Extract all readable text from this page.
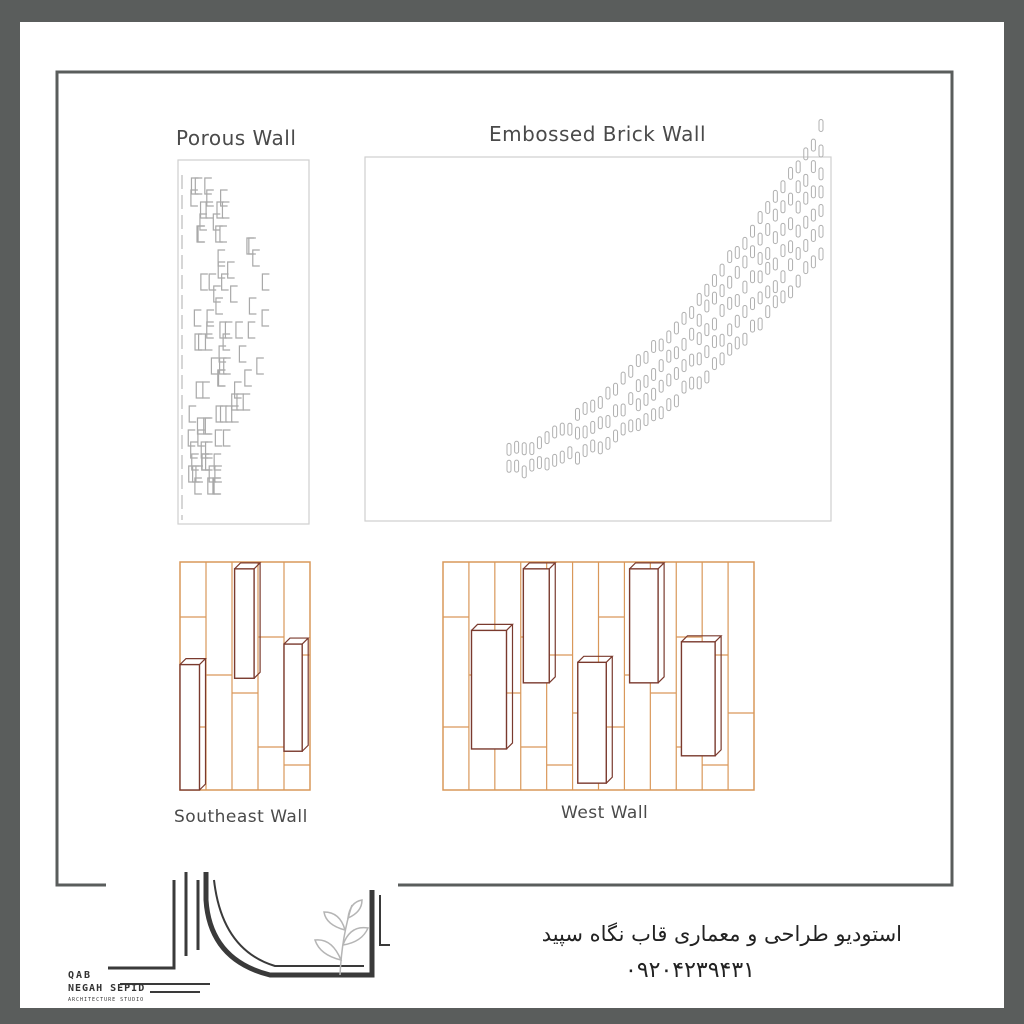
Porous Wall	Embossed Brick Wall
Southeast Wall	West Wall
استودیو طراحی و معماری قاب نگاه سپید
۰۹۲۰۴۲۳۹۴۳۱
QAB
NEGAH SEPID
ARCHITECTURE STUDIO
